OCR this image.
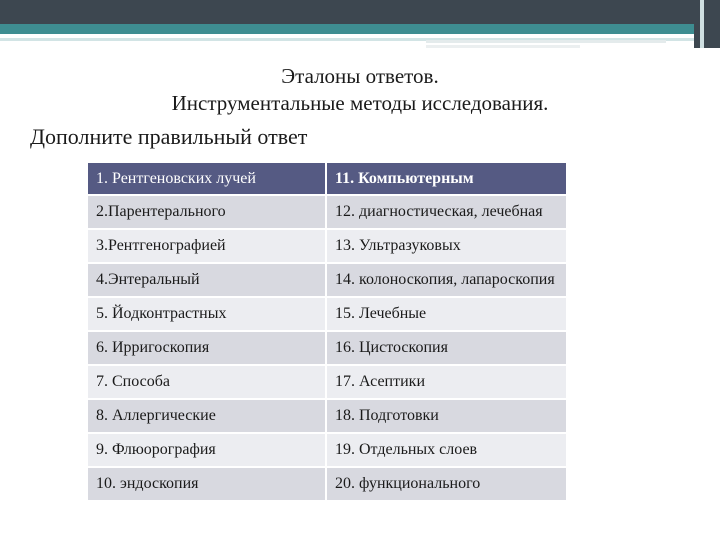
Эталоны ответов.
Инструментальные методы исследования.
Дополните правильный ответ
1. Рентгеновских лучей	11. Компьютерным
2.Парентерального	12. диагностическая, лечебная
3.Рентгенографией	13. Ультразуковых
4.Энтеральный	14. колоноскопия, лапароскопия
5. Йодконтрастных	15. Лечебные
6. Ирригоскопия	16. Цистоскопия
7. Способа	17. Асептики
8. Аллергические	18. Подготовки
9. Флюорография	19. Отдельных слоев
10. эндоскопия	20. функционального
